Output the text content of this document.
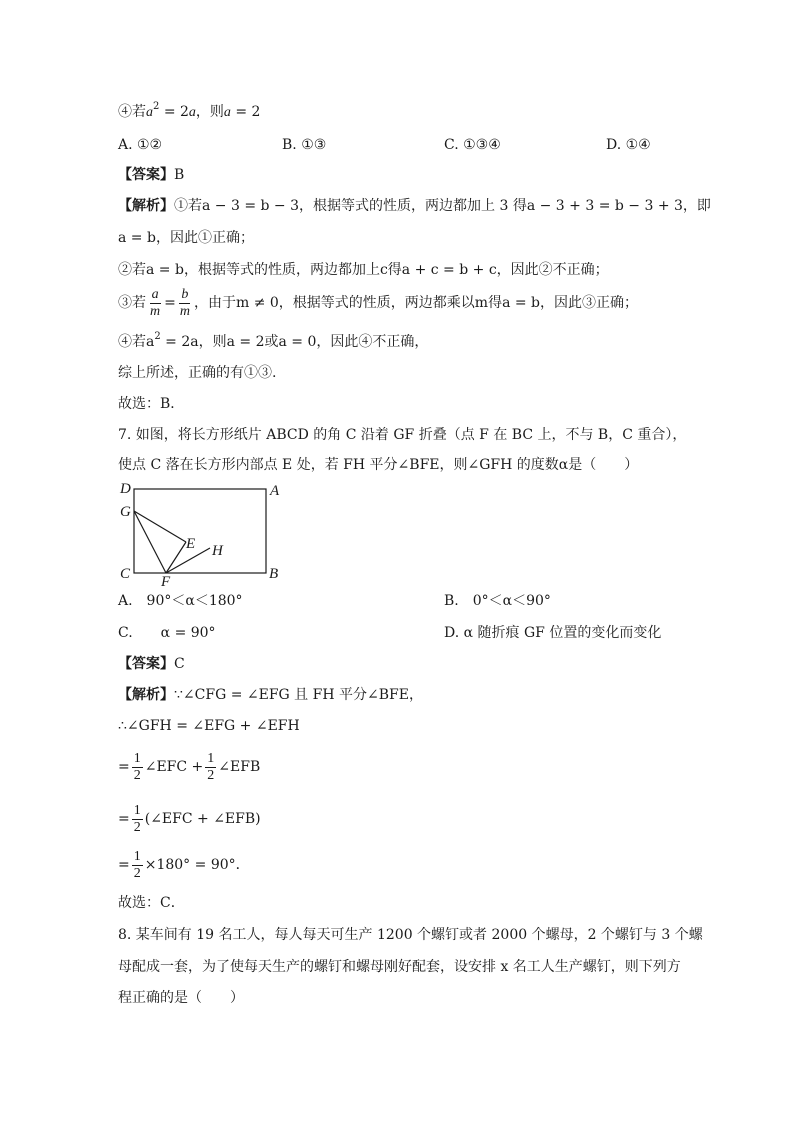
④若$a^2 = 2a$，则a = 2
A. ①②	B. ①③	C. ①③④	D. ①④
【答案】B
【解析】①若a − 3 = b − 3，根据等式的性质，两边都加上 3 得a − 3 + 3 = b − 3 + 3，即
a = b，因此①正确；
②若a = b，根据等式的性质，两边都加上c得a + c = b + c，因此②不正确；
③若 $\frac{a}{m} = \frac{b}{m}$ ，由于m ≠ 0，根据等式的性质，两边都乘以m得a = b，因此③正确；
④若$a^2 = 2a$，则a = 2或a = 0，因此④不正确，
综上所述，正确的有①③.
故选：B．
7. 如图，将长方形纸片 ABCD 的角 C 沿着 GF 折叠（点 F 在 BC 上，不与 B，C 重合），
使点 C 落在长方形内部点 E 处，若 FH 平分∠BFE，则∠GFH 的度数α是（　　）
D	A
G
E H
C F	B
A.　90°＜α＜180°	B.　0°＜α＜90°
C.　　α = 90°	D. α 随折痕 GF 位置的变化而变化
【答案】C
【解析】∵∠CFG = ∠EFG 且 FH 平分∠BFE，
∴∠GFH = ∠EFG + ∠EFH
= $\frac{1}{2}$ ∠EFC + $\frac{1}{2}$ ∠EFB
= $\frac{1}{2}$ (∠EFC + ∠EFB)
= $\frac{1}{2} \times 180^\circ = 90^\circ$．
故选：C．
8. 某车间有 19 名工人，每人每天可生产 1200 个螺钉或者 2000 个螺母，2 个螺钉与 3 个螺
母配成一套，为了使每天生产的螺钉和螺母刚好配套，设安排 x 名工人生产螺钉，则下列方
程正确的是（　　）
